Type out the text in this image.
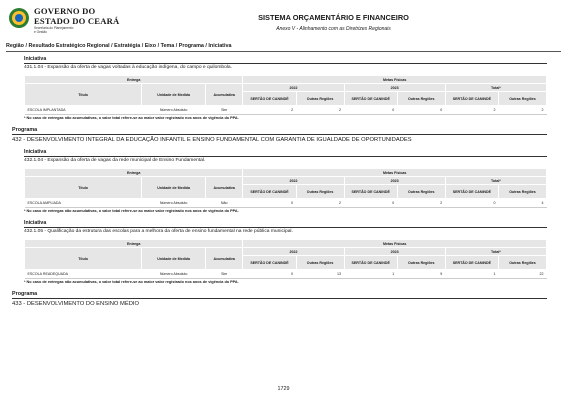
GOVERNO DO
ESTADO DO CEARÁ
Secretaria do Planejamento
e Gestão
SISTEMA ORÇAMENTÁRIO E FINANCEIRO
Anexo V - Alinhamento com as Diretrizes Regionais
Região / Resultado Estratégico Regional / Estratégia / Eixo / Tema / Programa / Iniciativa
Iniciativa
431.1.04 - Expansão da oferta de vagas voltadas à educação indígena, do campo e quilombola.
Entrega			Metas Físicas					
Título	Unidade de Medida	Acumulativa	2022		2023		Total*	
			SERTÃO DE CANINDÉ	Outras Regiões	SERTÃO DE CANINDÉ	Outras Regiões	SERTÃO DE CANINDÉ	Outras Regiões
ESCOLA IMPLANTADA	Número Absoluto	Sim	2	2	0	0	2	2
* No caso de entregas não acumulativas, o valor total refere-se ao maior valor registrado nos anos de vigência do PPA.
Programa
432 - DESENVOLVIMENTO INTEGRAL DA EDUCAÇÃO INFANTIL E ENSINO FUNDAMENTAL COM GARANTIA DE IGUALDADE DE OPORTUNIDADES
Iniciativa
432.1.04 - Expansão da oferta de vagas da rede municipal de Ensino Fundamental.
Entrega			Metas Físicas					
Título	Unidade de Medida	Acumulativa	2022		2023		Total*	
			SERTÃO DE CANINDÉ	Outras Regiões	SERTÃO DE CANINDÉ	Outras Regiões	SERTÃO DE CANINDÉ	Outras Regiões
ESCOLA AMPLIADA	Número Absoluto	Não	0	2	0	2	0	4
* No caso de entregas não acumulativas, o valor total refere-se ao maior valor registrado nos anos de vigência do PPA.
Iniciativa
432.1.05 - Qualificação da estrutura das escolas para a melhora da oferta de ensino fundamental na rede pública municipal.
Entrega			Metas Físicas					
Título	Unidade de Medida	Acumulativa	2022		2023		Total*	
			SERTÃO DE CANINDÉ	Outras Regiões	SERTÃO DE CANINDÉ	Outras Regiões	SERTÃO DE CANINDÉ	Outras Regiões
ESCOLA READEQUADA	Número Absoluto	Sim	0	13	1	9	1	22
* No caso de entregas não acumulativas, o valor total refere-se ao maior valor registrado nos anos de vigência do PPA.
Programa
433 - DESENVOLVIMENTO DO ENSINO MÉDIO
1729
